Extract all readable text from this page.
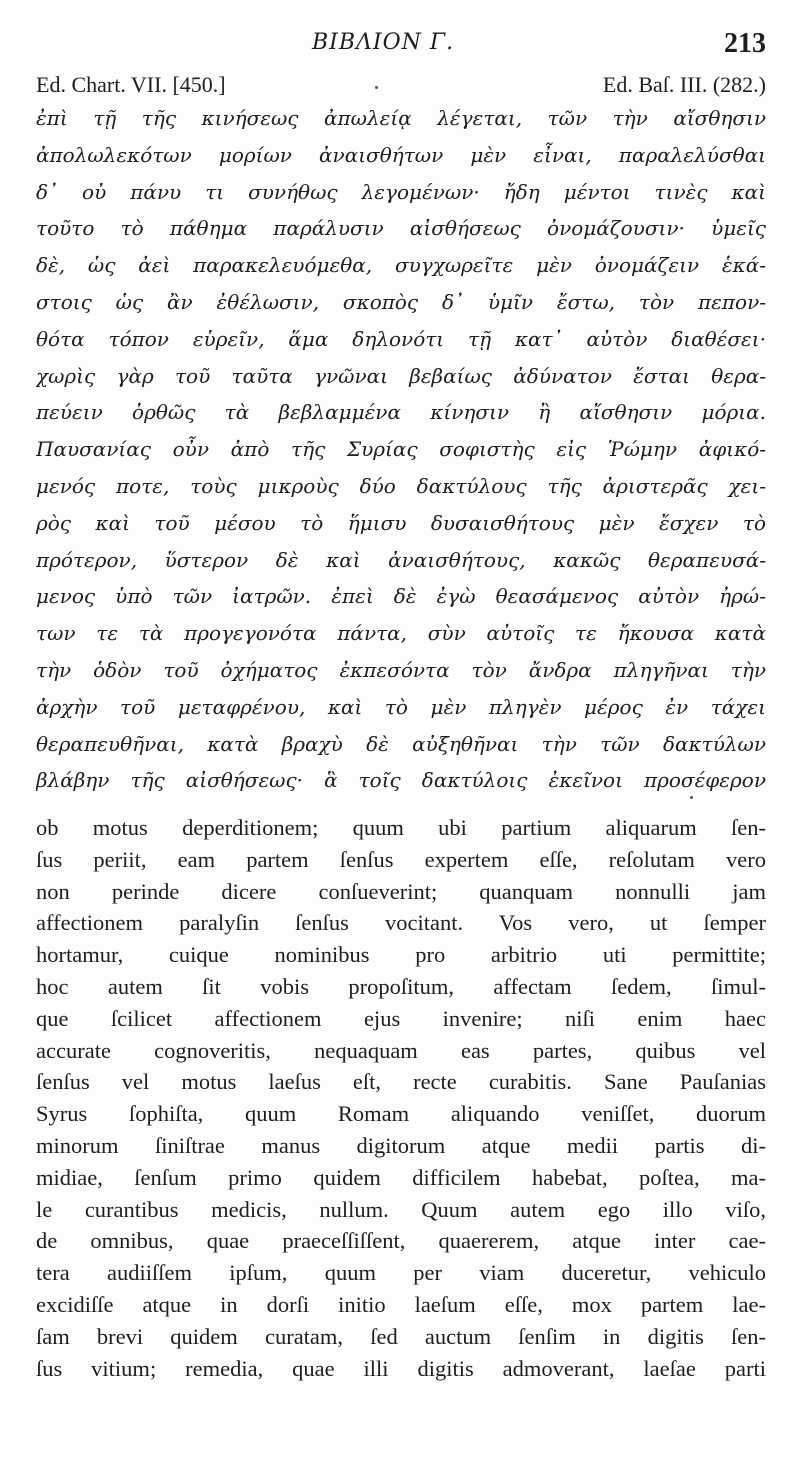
BIBΛΙΟΝ Γ.	213
Ed. Chart. VII. [450.]	Ed. Baſ. III. (282.)
ἐπὶ τῇ τῆς κινήσεως ἀπωλείᾳ λέγεται, τῶν τὴν αἴσθησιν
ἀπολωλεκότων μορίων ἀναισθήτων μὲν εἶναι, παραλελύσθαι
δ᾽ οὐ πάνυ τι συνήθως λεγομένων· ἤδη μέντοι τινὲς καὶ
τοῦτο τὸ πάθημα παράλυσιν αἰσθήσεως ὀνομάζουσιν· ὑμεῖς
δὲ, ὡς ἀεὶ παρακελευόμεθα, συγχωρεῖτε μὲν ὀνομάζειν ἑκά-
στοις ὡς ἂν ἐθέλωσιν, σκοπὸς δ᾽ ὑμῖν ἔστω, τὸν πεπον-
θότα τόπον εὑρεῖν, ἅμα δηλονότι τῇ κατ᾽ αὐτὸν διαθέσει·
χωρὶς γὰρ τοῦ ταῦτα γνῶναι βεβαίως ἀδύνατον ἔσται θερα-
πεύειν ὀρθῶς τὰ βεβλαμμένα κίνησιν ἢ αἴσθησιν μόρια.
Παυσανίας οὖν ἀπὸ τῆς Συρίας σοφιστὴς εἰς Ῥώμην ἀφικό-
μενός ποτε, τοὺς μικροὺς δύο δακτύλους τῆς ἀριστερᾶς χει-
ρὸς καὶ τοῦ μέσου τὸ ἥμισυ δυσαισθήτους μὲν ἔσχεν τὸ
πρότερον, ὕστερον δὲ καὶ ἀναισθήτους, κακῶς θεραπευσά-
μενος ὑπὸ τῶν ἰατρῶν. ἐπεὶ δὲ ἐγὼ θεασάμενος αὐτὸν ἠρώ-
των τε τὰ προγεγονότα πάντα, σὺν αὐτοῖς τε ἤκουσα κατὰ
τὴν ὁδὸν τοῦ ὀχήματος ἐκπεσόντα τὸν ἄνδρα πληγῆναι τὴν
ἀρχὴν τοῦ μεταφρένου, καὶ τὸ μὲν πληγὲν μέρος ἐν τάχει
θεραπευθῆναι, κατὰ βραχὺ δὲ αὐξηθῆναι τὴν τῶν δακτύλων
βλάβην τῆς αἰσθήσεως· ἃ τοῖς δακτύλοις ἐκεῖνοι προσέφερον
ob motus deperditionem; quum ubi partium aliquarum ſen-
ſus periit, eam partem ſenſus expertem eſſe, reſolutam vero
non perinde dicere conſueverint; quanquam nonnulli jam
affectionem paralyſin ſenſus vocitant. Vos vero, ut ſemper
hortamur, cuique nominibus pro arbitrio uti permittite;
hoc autem ſit vobis propoſitum, affectam ſedem, ſimul-
que ſcilicet affectionem ejus invenire; niſi enim haec
accurate cognoveritis, nequaquam eas partes, quibus vel
ſenſus vel motus laeſus eſt, recte curabitis. Sane Pauſanias
Syrus ſophiſta, quum Romam aliquando veniſſet, duorum
minorum ſiniſtrae manus digitorum atque medii partis di-
midiae, ſenſum primo quidem difficilem habebat, poſtea, ma-
le curantibus medicis, nullum. Quum autem ego illo viſo,
de omnibus, quae praeceſſiſſent, quaererem, atque inter cae-
tera audiiſſem ipſum, quum per viam duceretur, vehiculo
excidiſſe atque in dorſi initio laeſum eſſe, mox partem lae-
ſam brevi quidem curatam, ſed auctum ſenſim in digitis ſen-
ſus vitium; remedia, quae illi digitis admoverant, laeſae parti
